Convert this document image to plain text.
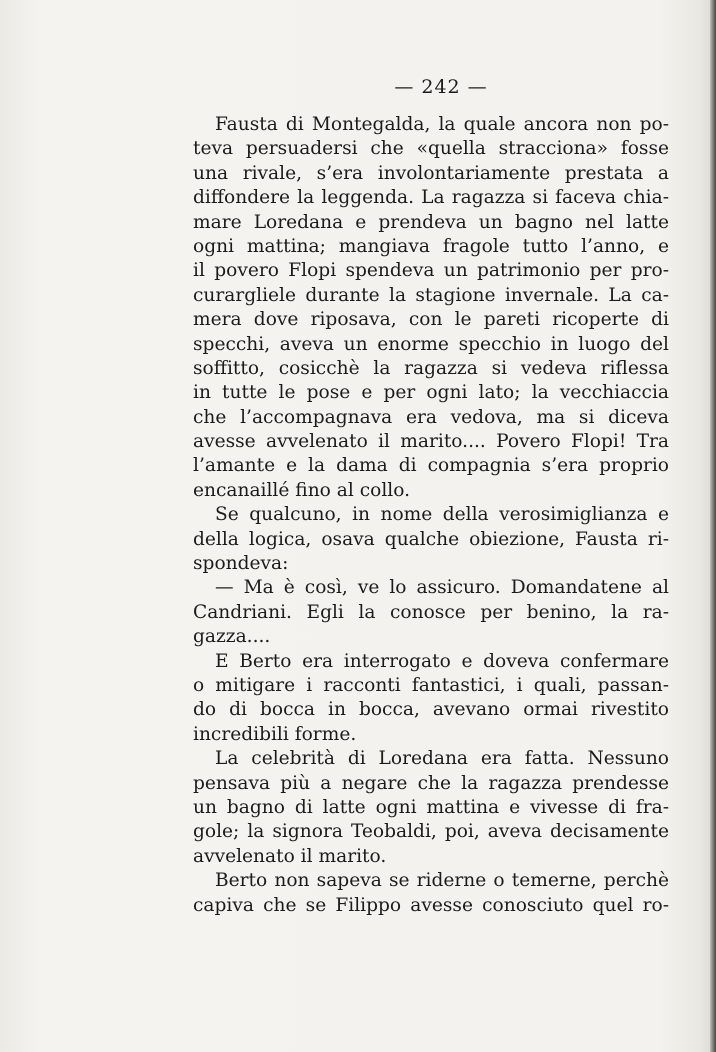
— 242 —
Fausta di Montegalda, la quale ancora non po-
teva persuadersi che «quella stracciona» fosse
una rivale, s’era involontariamente prestata a
diffondere la leggenda. La ragazza si faceva chia-
mare Loredana e prendeva un bagno nel latte
ogni mattina; mangiava fragole tutto l’anno, e
il povero Flopi spendeva un patrimonio per pro-
curargliele durante la stagione invernale. La ca-
mera dove riposava, con le pareti ricoperte di
specchi, aveva un enorme specchio in luogo del
soffitto, cosicchè la ragazza si vedeva riflessa
in tutte le pose e per ogni lato; la vecchiaccia
che l’accompagnava era vedova, ma si diceva
avesse avvelenato il marito.... Povero Flopi! Tra
l’amante e la dama di compagnia s’era proprio
encanaillé fino al collo.
Se qualcuno, in nome della verosimiglianza e
della logica, osava qualche obiezione, Fausta ri-
spondeva:
— Ma è così, ve lo assicuro. Domandatene al
Candriani. Egli la conosce per benino, la ra-
gazza....
E Berto era interrogato e doveva confermare
o mitigare i racconti fantastici, i quali, passan-
do di bocca in bocca, avevano ormai rivestito
incredibili forme.
La celebrità di Loredana era fatta. Nessuno
pensava più a negare che la ragazza prendesse
un bagno di latte ogni mattina e vivesse di fra-
gole; la signora Teobaldi, poi, aveva decisamente
avvelenato il marito.
Berto non sapeva se riderne o temerne, perchè
capiva che se Filippo avesse conosciuto quel ro-
